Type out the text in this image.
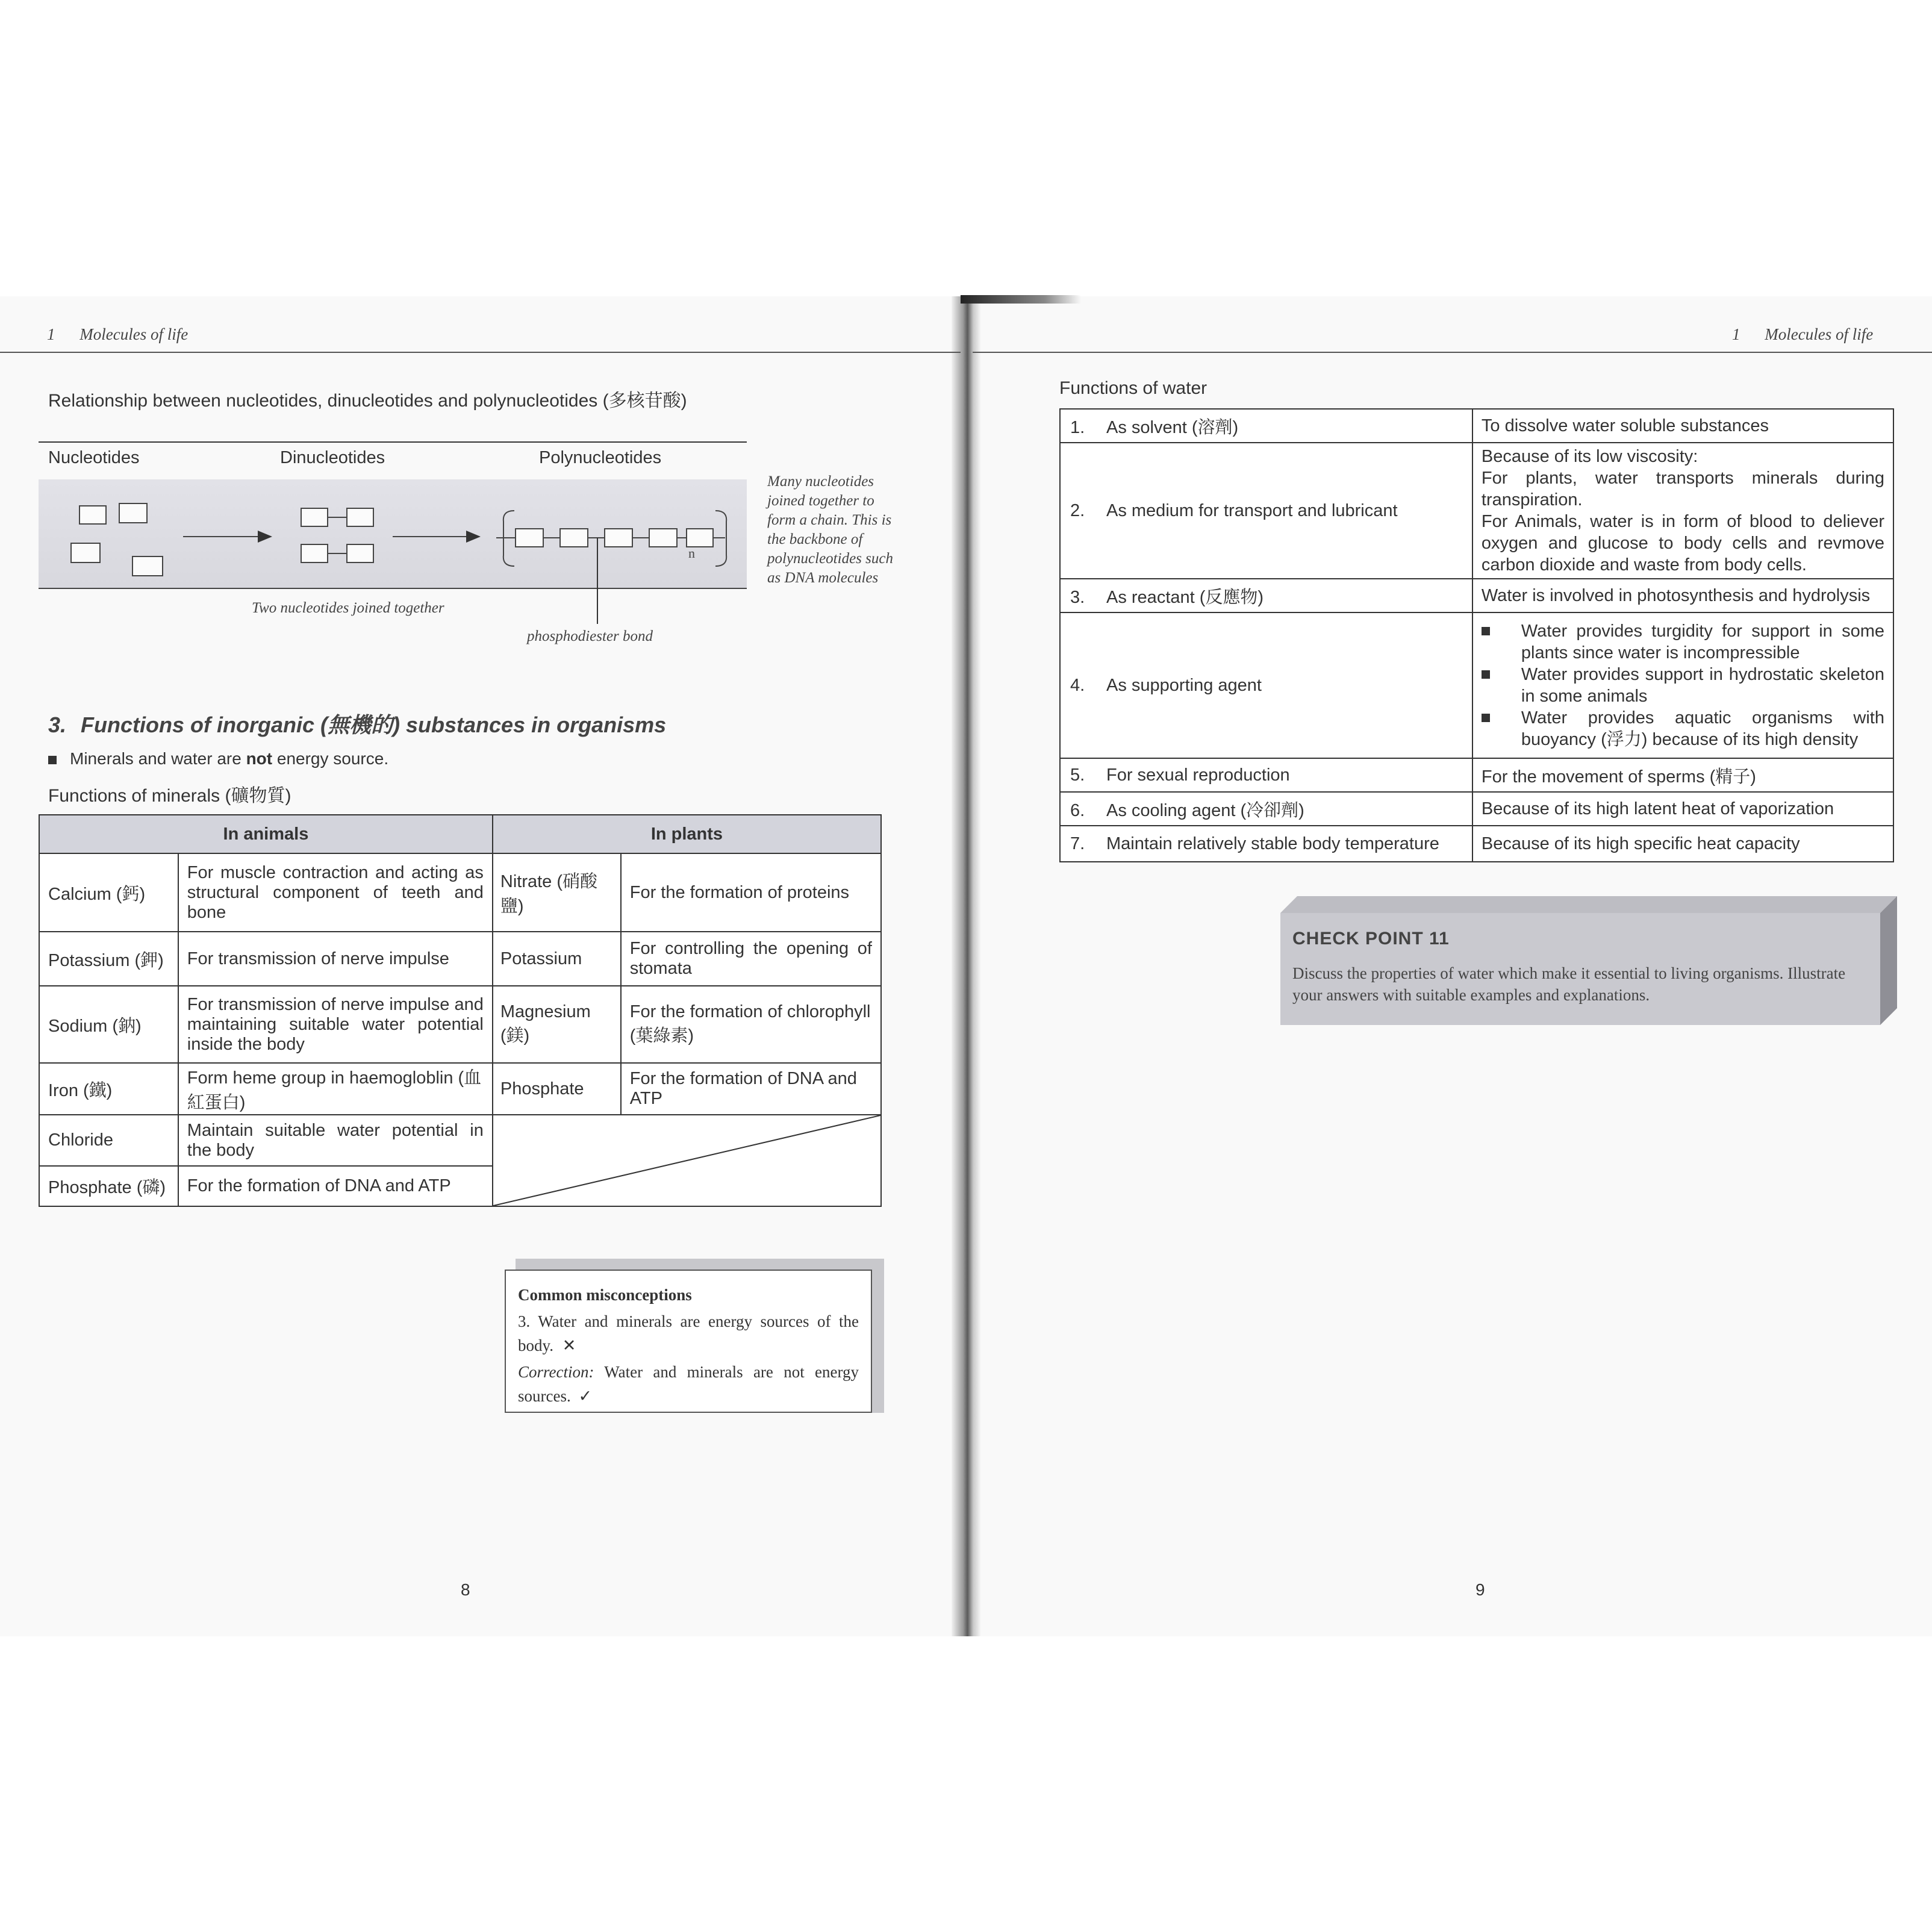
1 Molecules of life
Relationship between nucleotides, dinucleotides and polynucleotides (多核苷酸)
Nucleotides	Dinucleotides	Polynucleotides
n
Two nucleotides joined together
phosphodiester bond
Many nucleotides joined together to form a chain. This is the backbone of polynucleotides such as DNA molecules
3. Functions of inorganic (無機的) substances in organisms
Minerals and water are not energy source.
Functions of minerals (礦物質)
In animals		In plants	
Calcium (鈣)	For muscle contraction and acting as structural component of teeth and bone	Nitrate (硝酸鹽)	For the formation of proteins
Potassium (鉀)	For transmission of nerve impulse	Potassium	For controlling the opening of stomata
Sodium (鈉)	For transmission of nerve impulse and maintaining suitable water potential inside the body	Magnesium (鎂)	For the formation of chlorophyll (葉綠素)
Iron (鐵)	Form heme group in haemogloblin (血紅蛋白)	Phosphate	For the formation of DNA and ATP
Chloride	Maintain suitable water potential in the body	

Phosphate (磷)	For the formation of DNA and ATP		
Common misconceptions
3. Water and minerals are energy sources of the body. ✕
Correction: Water and minerals are not energy sources. ✓
8
1 Molecules of life
Functions of water
1. As solvent (溶劑)	To dissolve water soluble substances
2. As medium for transport and lubricant	Because of its low viscosity:
For plants, water transports minerals during transpiration.
For Animals, water is in form of blood to deliever oxygen and glucose to body cells and revmove carbon dioxide and waste from body cells.

3. As reactant (反應物)	Water is involved in photosynthesis and hydrolysis
4. As supporting agent	Water provides turgidity for support in some plants since water is incompressible
Water provides support in hydrostatic skeleton in some animals
Water provides aquatic organisms with buoyancy (浮力) because of its high density

5. For sexual reproduction	For the movement of sperms (精子)
6. As cooling agent (冷卻劑)	Because of its high latent heat of vaporization
7. Maintain relatively stable body temperature	Because of its high specific heat capacity
CHECK POINT 11
Discuss the properties of water which make it essential to living organisms. Illustrate your answers with suitable examples and explanations.
9
